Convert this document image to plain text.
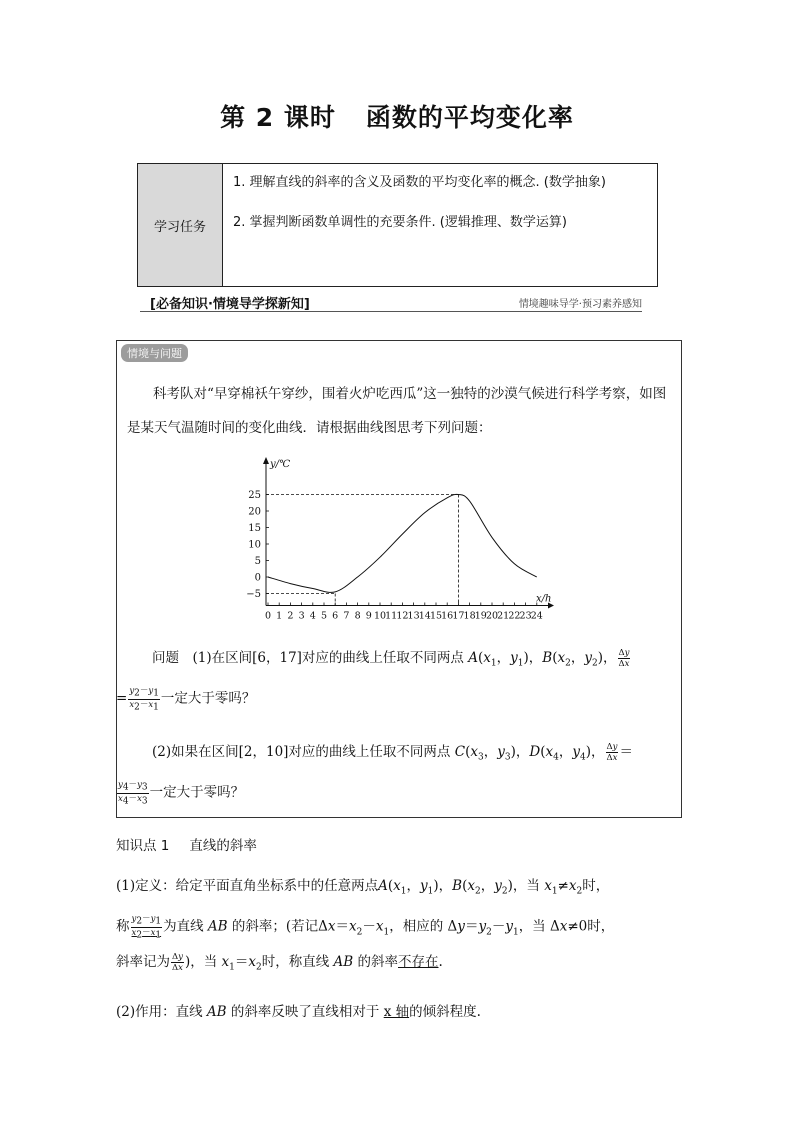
第 2 课时 函数的平均变化率
学习任务

1. 理解直线的斜率的含义及函数的平均变化率的概念. (数学抽象)

2. 掌握判断函数单调性的充要条件. (逻辑推理、数学运算)

[必备知识·情境导学探新知]	情境趣味导学·预习素养感知
情境与问题

科考队对“早穿棉袄午穿纱，围着火炉吃西瓜”这一独特的沙漠气候进行科学考察，如图是某天气温随时间的变化曲线．请根据曲线图思考下列问题：

x/h
y/℃
0 1 2 3 4 5 6 7 8 9 10 11 12 13 14 15 16 17 18 19 20 21 22 23 24
−5
0
5
10
15
20
25
问题　(1)在区间[6，17]对应的曲线上任取不同两点 $A(x_1$，$y_1$)，$B(x_2$，$y_2$)， $\frac{\Delta y}{\Delta x}$
= $\frac{y_2-y_1}{x_2-x_1}$ 一定大于零吗？
(2)如果在区间[2，10]对应的曲线上任取不同两点 $C(x_3$，$y_3$)，$D(x_4$，$y_4$)， $\frac{\Delta y}{\Delta x}$ ＝
$\frac{y_4-y_3}{x_4-x_3}$ 一定大于零吗？
知识点 1 直线的斜率
(1)定义：给定平面直角坐标系中的任意两点$A(x_1$，$y_1$)，$B(x_2$，$y_2$)，当 $x_1\ne x_2$时，
称 $\frac{y_2-y_1}{x_2-x_1}$ 为直线 AB 的斜率；(若记$\Delta x=x_2-x_1$，相应的 $\Delta y=y_2-y_1$，当 Δx≠0时，
斜率记为 $\frac{\Delta y}{\Delta x}$ )，当 $x_1=x_2$时，称直线 AB 的斜率不存在.
(2)作用：直线 AB 的斜率反映了直线相对于 x 轴的倾斜程度.
